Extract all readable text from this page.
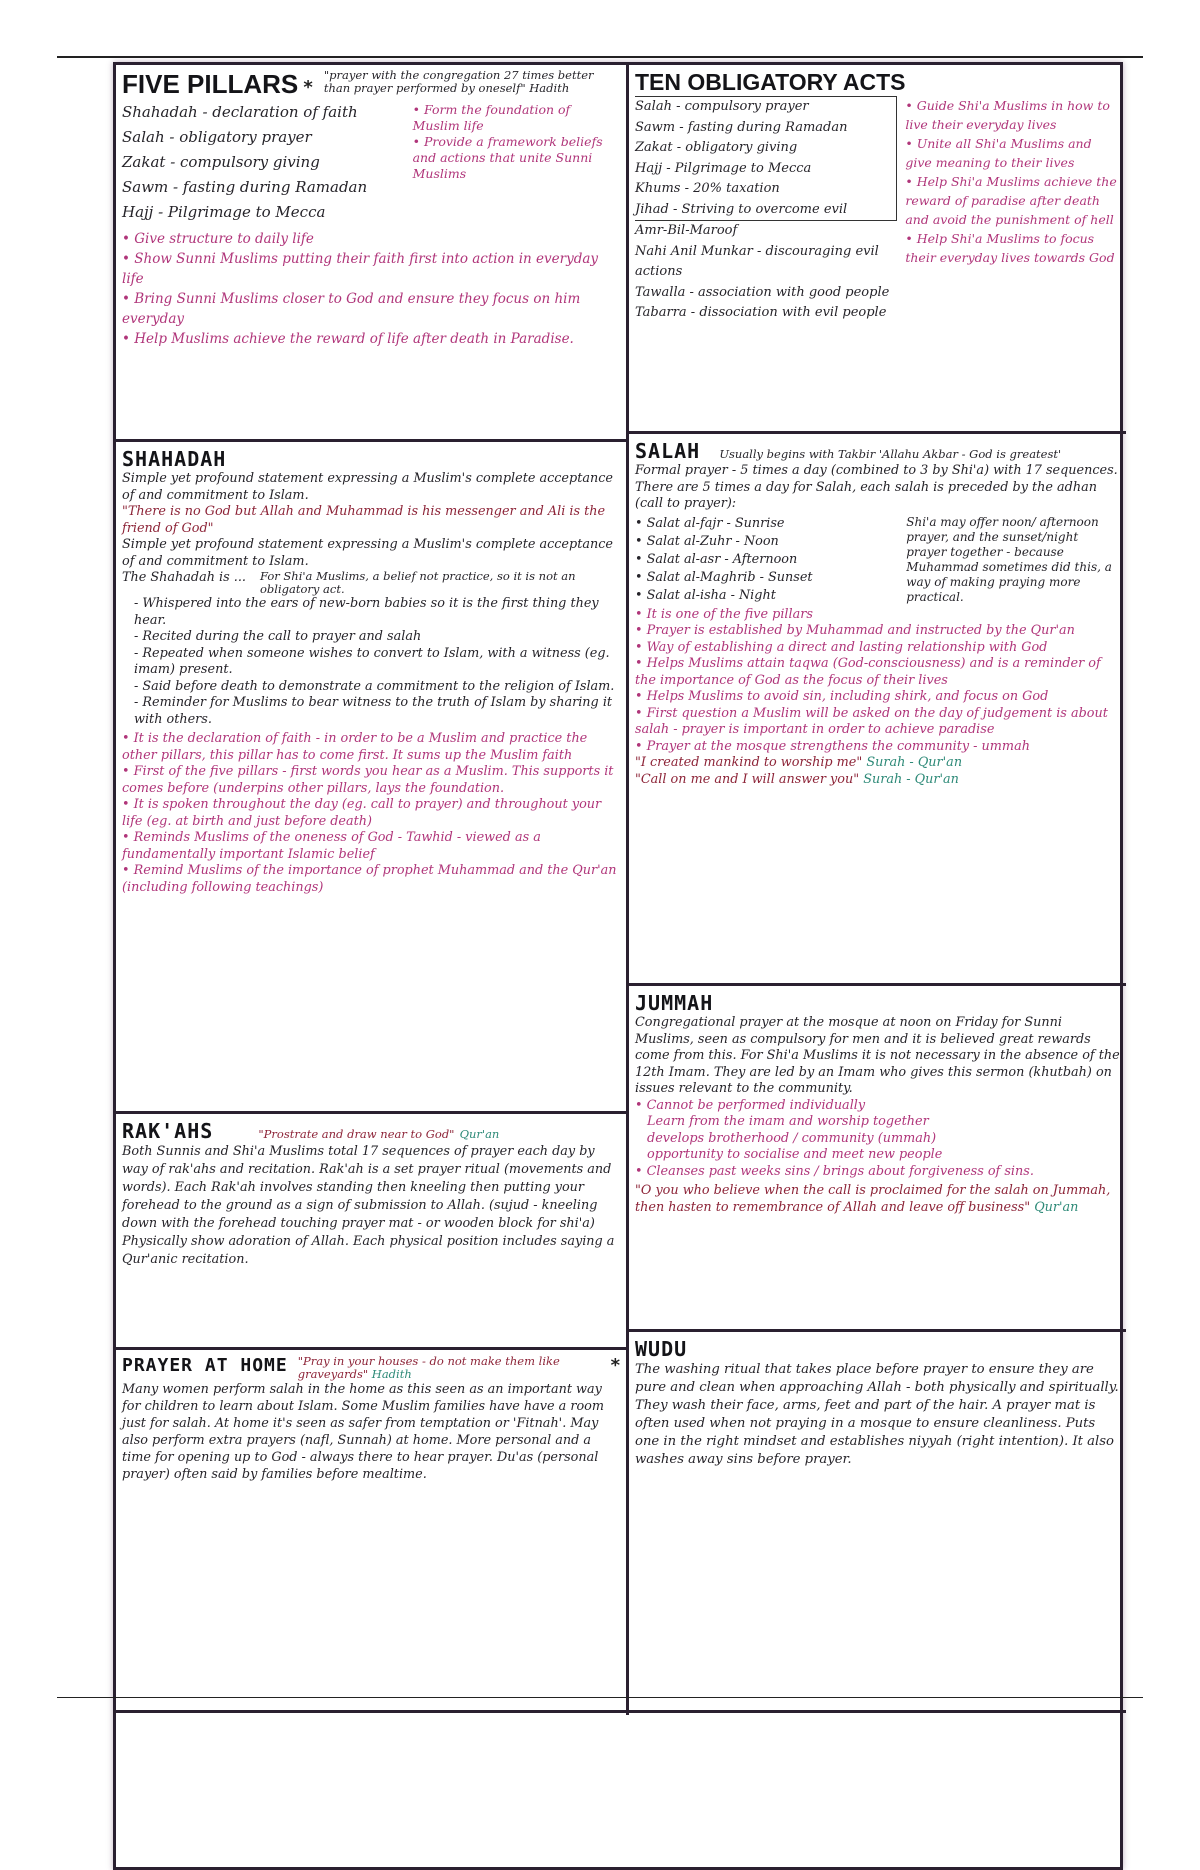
FIVE PILLARS * "prayer with the congregation 27 times better than prayer performed by oneself" Hadith
Shahadah - declaration of faith
Salah - obligatory prayer
Zakat - compulsory giving
Sawm - fasting during Ramadan
Hajj - Pilgrimage to Mecca
• Form the foundation of Muslim life
• Provide a framework beliefs and actions that unite Sunni Muslims
• Give structure to daily life
• Show Sunni Muslims putting their faith first into action in everyday life
• Bring Sunni Muslims closer to God and ensure they focus on him everyday
• Help Muslims achieve the reward of life after death in Paradise.
TEN OBLIGATORY ACTS
Salah - compulsory prayer
Sawm - fasting during Ramadan
Zakat - obligatory giving
Hajj - Pilgrimage to Mecca
Khums - 20% taxation
Jihad - Striving to overcome evil
Amr-Bil-Maroof
Nahi Anil Munkar - discouraging evil actions
Tawalla - association with good people
Tabarra - dissociation with evil people
• Guide Shi'a Muslims in how to live their everyday lives
• Unite all Shi'a Muslims and give meaning to their lives
• Help Shi'a Muslims achieve the reward of paradise after death and avoid the punishment of hell
• Help Shi'a Muslims to focus their everyday lives towards God
SHAHADAH
Simple yet profound statement expressing a Muslim's complete acceptance of and commitment to Islam.
"There is no God but Allah and Muhammad is his messenger and Ali is the friend of God"
Simple yet profound statement expressing a Muslim's complete acceptance of and commitment to Islam.
The Shahadah is ... For Shi'a Muslims, a belief not practice, so it is not an obligatory act.
- Whispered into the ears of new-born babies so it is the first thing they hear.
- Recited during the call to prayer and salah
- Repeated when someone wishes to convert to Islam, with a witness (eg. imam) present.
- Said before death to demonstrate a commitment to the religion of Islam.
- Reminder for Muslims to bear witness to the truth of Islam by sharing it with others.
• It is the declaration of faith - in order to be a Muslim and practice the other pillars, this pillar has to come first. It sums up the Muslim faith
• First of the five pillars - first words you hear as a Muslim. This supports it comes before (underpins other pillars, lays the foundation.
• It is spoken throughout the day (eg. call to prayer) and throughout your life (eg. at birth and just before death)
• Reminds Muslims of the oneness of God - Tawhid - viewed as a fundamentally important Islamic belief
• Remind Muslims of the importance of prophet Muhammad and the Qur'an (including following teachings)
SALAH Usually begins with Takbir 'Allahu Akbar - God is greatest'
Formal prayer - 5 times a day (combined to 3 by Shi'a) with 17 sequences. There are 5 times a day for Salah, each salah is preceded by the adhan (call to prayer):
• Salat al-fajr - Sunrise
• Salat al-Zuhr - Noon
• Salat al-asr - Afternoon
• Salat al-Maghrib - Sunset
• Salat al-isha - Night
Shi'a may offer noon/ afternoon prayer, and the sunset/night prayer together - because Muhammad sometimes did this, a way of making praying more practical.
• It is one of the five pillars
• Prayer is established by Muhammad and instructed by the Qur'an
• Way of establishing a direct and lasting relationship with God
• Helps Muslims attain taqwa (God-consciousness) and is a reminder of the importance of God as the focus of their lives
• Helps Muslims to avoid sin, including shirk, and focus on God
• First question a Muslim will be asked on the day of judgement is about salah - prayer is important in order to achieve paradise
• Prayer at the mosque strengthens the community - ummah
"I created mankind to worship me" Surah - Qur'an
"Call on me and I will answer you" Surah - Qur'an
JUMMAH
Congregational prayer at the mosque at noon on Friday for Sunni Muslims, seen as compulsory for men and it is believed great rewards come from this. For Shi'a Muslims it is not necessary in the absence of the 12th Imam. They are led by an Imam who gives this sermon (khutbah) on issues relevant to the community.
• Cannot be performed individually
Learn from the imam and worship together
develops brotherhood / community (ummah)
opportunity to socialise and meet new people
• Cleanses past weeks sins / brings about forgiveness of sins.
"O you who believe when the call is proclaimed for the salah on Jummah, then hasten to remembrance of Allah and leave off business" Qur'an
RAK'AHS	"Prostrate and draw near to God" Qur'an
Both Sunnis and Shi'a Muslims total 17 sequences of prayer each day by way of rak'ahs and recitation. Rak'ah is a set prayer ritual (movements and words). Each Rak'ah involves standing then kneeling then putting your forehead to the ground as a sign of submission to Allah. (sujud - kneeling down with the forehead touching prayer mat - or wooden block for shi'a) Physically show adoration of Allah. Each physical position includes saying a Qur'anic recitation.
PRAYER AT HOME "Pray in your houses - do not make them like graveyards" Hadith	*
Many women perform salah in the home as this seen as an important way for children to learn about Islam. Some Muslim families have have a room just for salah. At home it's seen as safer from temptation or 'Fitnah'. May also perform extra prayers (nafl, Sunnah) at home. More personal and a time for opening up to God - always there to hear prayer. Du'as (personal prayer) often said by families before mealtime.
WUDU
The washing ritual that takes place before prayer to ensure they are pure and clean when approaching Allah - both physically and spiritually. They wash their face, arms, feet and part of the hair. A prayer mat is often used when not praying in a mosque to ensure cleanliness. Puts one in the right mindset and establishes niyyah (right intention). It also washes away sins before prayer.
